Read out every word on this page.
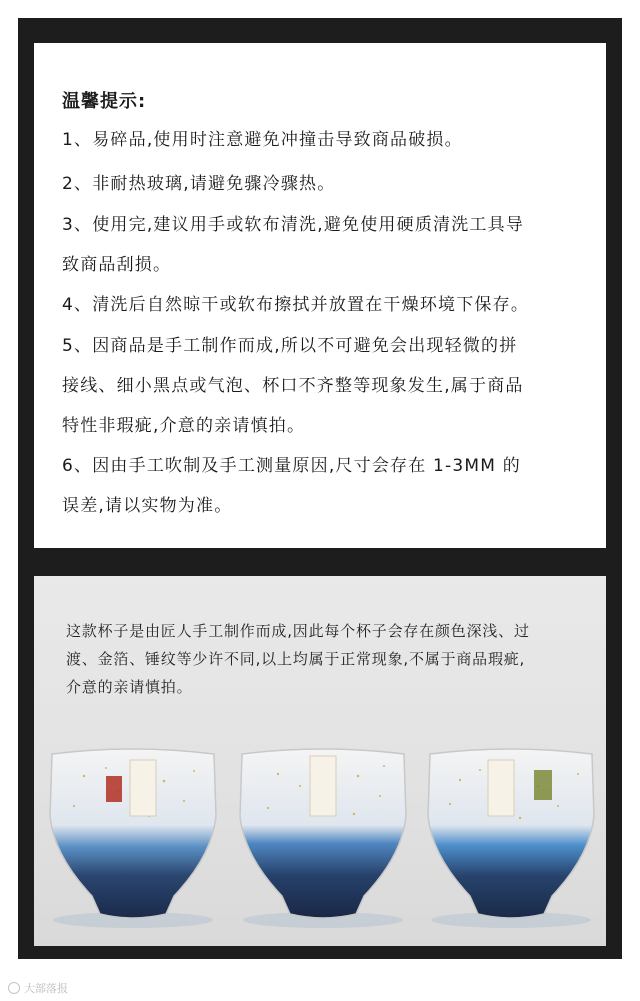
温馨提示:
1、易碎品,使用时注意避免冲撞击导致商品破损。
2、非耐热玻璃,请避免骤冷骤热。
3、使用完,建议用手或软布清洗,避免使用硬质清洗工具导
致商品刮损。
4、清洗后自然晾干或软布擦拭并放置在干燥环境下保存。
5、因商品是手工制作而成,所以不可避免会出现轻微的拼
接线、细小黑点或气泡、杯口不齐整等现象发生,属于商品
特性非瑕疵,介意的亲请慎拍。
6、因由手工吹制及手工测量原因,尺寸会存在 1-3MM 的
误差,请以实物为准。
这款杯子是由匠人手工制作而成,因此每个杯子会存在颜色深浅、过
渡、金箔、锤纹等少许不同,以上均属于正常现象,不属于商品瑕疵,
介意的亲请慎拍。
大部落报
